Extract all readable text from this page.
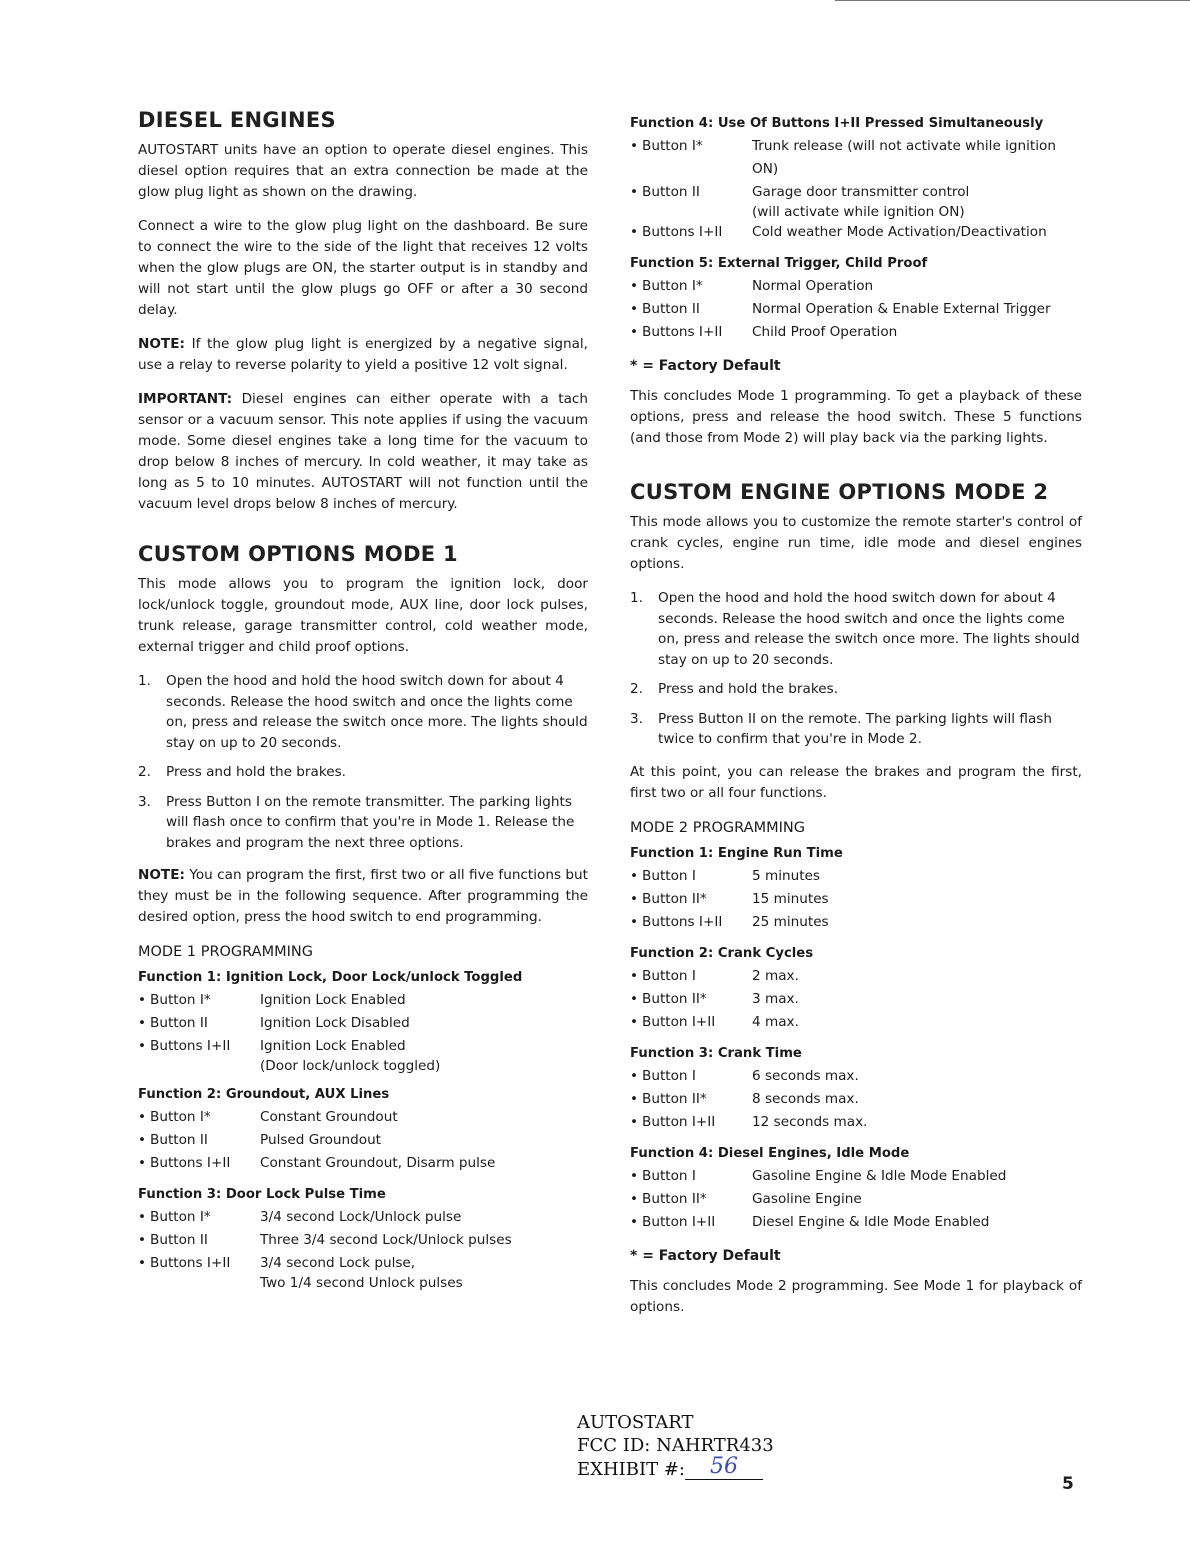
DIESEL ENGINES

AUTOSTART units have an option to operate diesel engines. This diesel option requires that an extra connection be made at the glow plug light as shown on the drawing.

Connect a wire to the glow plug light on the dashboard. Be sure to connect the wire to the side of the light that receives 12 volts when the glow plugs are ON, the starter output is in standby and will not start until the glow plugs go OFF or after a 30 second delay.

NOTE: If the glow plug light is energized by a negative signal, use a relay to reverse polarity to yield a positive 12 volt signal.

IMPORTANT: Diesel engines can either operate with a tach sensor or a vacuum sensor. This note applies if using the vacuum mode. Some diesel engines take a long time for the vacuum to drop below 8 inches of mercury. In cold weather, it may take as long as 5 to 10 minutes. AUTOSTART will not function until the vacuum level drops below 8 inches of mercury.

CUSTOM OPTIONS MODE 1

This mode allows you to program the ignition lock, door lock/unlock toggle, groundout mode, AUX line, door lock pulses, trunk release, garage transmitter control, cold weather mode, external trigger and child proof options.

1. Open the hood and hold the hood switch down for about 4 seconds. Release the hood switch and once the lights come on, press and release the switch once more. The lights should stay on up to 20 seconds.
2. Press and hold the brakes.
3. Press Button I on the remote transmitter. The parking lights will flash once to confirm that you're in Mode 1. Release the brakes and program the next three options.

NOTE: You can program the first, first two or all five functions but they must be in the following sequence. After programming the desired option, press the hood switch to end programming.

MODE 1 PROGRAMMING
Function 1: Ignition Lock, Door Lock/unlock Toggled
• Button I*	Ignition Lock Enabled
• Button II	Ignition Lock Disabled
• Buttons I+II	Ignition Lock Enabled
(Door lock/unlock toggled)
Function 2: Groundout, AUX Lines
• Button I*	Constant Groundout
• Button II	Pulsed Groundout
• Buttons I+II	Constant Groundout, Disarm pulse
Function 3: Door Lock Pulse Time
• Button I*	3/4 second Lock/Unlock pulse
• Button II	Three 3/4 second Lock/Unlock pulses
• Buttons I+II	3/4 second Lock pulse,
Two 1/4 second Unlock pulses
Function 4: Use Of Buttons I+II Pressed Simultaneously
• Button I*	Trunk release (will not activate while ignition ON)
• Button II	Garage door transmitter control
(will activate while ignition ON)
• Buttons I+II	Cold weather Mode Activation/Deactivation
Function 5: External Trigger, Child Proof
• Button I*	Normal Operation
• Button II	Normal Operation & Enable External Trigger
• Buttons I+II	Child Proof Operation
* = Factory Default

This concludes Mode 1 programming. To get a playback of these options, press and release the hood switch. These 5 functions (and those from Mode 2) will play back via the parking lights.

CUSTOM ENGINE OPTIONS MODE 2

This mode allows you to customize the remote starter's control of crank cycles, engine run time, idle mode and diesel engines options.

1. Open the hood and hold the hood switch down for about 4 seconds. Release the hood switch and once the lights come on, press and release the switch once more. The lights should stay on up to 20 seconds.
2. Press and hold the brakes.
3. Press Button II on the remote. The parking lights will flash twice to confirm that you're in Mode 2.

At this point, you can release the brakes and program the first, first two or all four functions.

MODE 2 PROGRAMMING
Function 1: Engine Run Time
• Button I	5 minutes
• Button II*	15 minutes
• Buttons I+II	25 minutes
Function 2: Crank Cycles
• Button I	2 max.
• Button II*	3 max.
• Button I+II	4 max.
Function 3: Crank Time
• Button I	6 seconds max.
• Button II*	8 seconds max.
• Button I+II	12 seconds max.
Function 4: Diesel Engines, Idle Mode
• Button I	Gasoline Engine & Idle Mode Enabled
• Button II*	Gasoline Engine
• Button I+II	Diesel Engine & Idle Mode Enabled
* = Factory Default

This concludes Mode 2 programming. See Mode 1 for playback of options.

AUTOSTART
FCC ID: NAHRTR433
EXHIBIT #: 56
5
